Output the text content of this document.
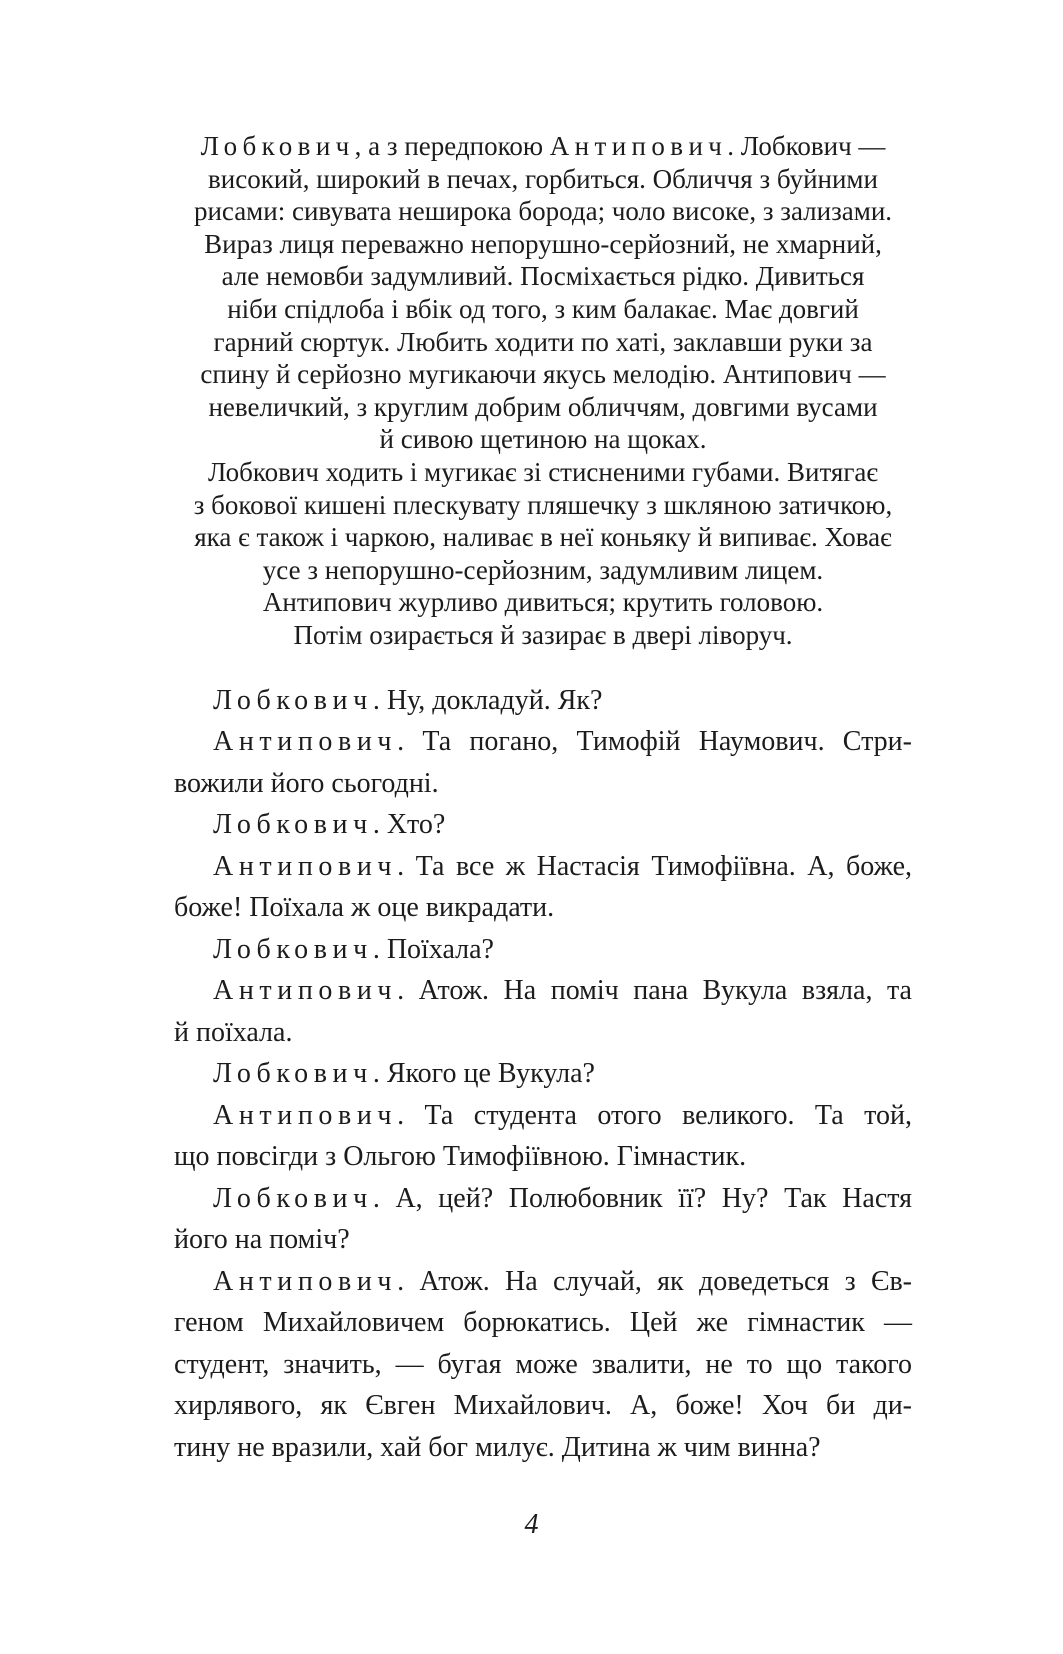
Лобкович, а з передпокою Антипович. Лобкович —
високий, широкий в печах, горбиться. Обличчя з буйними
рисами: сивувата неширока борода; чоло високе, з зализами.
Вираз лиця переважно непорушно-серйозний, не хмарний,
але немовби задумливий. Посміхається рідко. Дивиться
ніби спідлоба і вбік од того, з ким балакає. Має довгий
гарний сюртук. Любить ходити по хаті, заклавши руки за
спину й серйозно мугикаючи якусь мелодію. Антипович —
невеличкий, з круглим добрим обличчям, довгими вусами
й сивою щетиною на щоках.
Лобкович ходить і мугикає зі стисненими губами. Витягає
з бокової кишені плескувату пляшечку з шкляною затичкою,
яка є також і чаркою, наливає в неї коньяку й випиває. Ховає
усе з непорушно-серйозним, задумливим лицем.
Антипович журливо дивиться; крутить головою.
Потім озирається й зазирає в двері ліворуч.
Лобкович. Ну, докладуй. Як?
Антипович. Та погано, Тимофій Наумович. Стри-
вожили його сьогодні.
Лобкович. Хто?
Антипович. Та все ж Настасія Тимофіївна. А, боже,
боже! Поїхала ж оце викрадати.
Лобкович. Поїхала?
Антипович. Атож. На поміч пана Вукула взяла, та
й поїхала.
Лобкович. Якого це Вукула?
Антипович. Та студента отого великого. Та той,
що повсігди з Ольгою Тимофіївною. Гімнастик.
Лобкович. А, цей? Полюбовник її? Ну? Так Настя
його на поміч?
Антипович. Атож. На случай, як доведеться з Єв-
геном Михайловичем борюкатись. Цей же гімнастик —
студент, значить, — бугая може звалити, не то що такого
хирлявого, як Євген Михайлович. А, боже! Хоч би ди-
тину не вразили, хай бог милує. Дитина ж чим винна?
4
